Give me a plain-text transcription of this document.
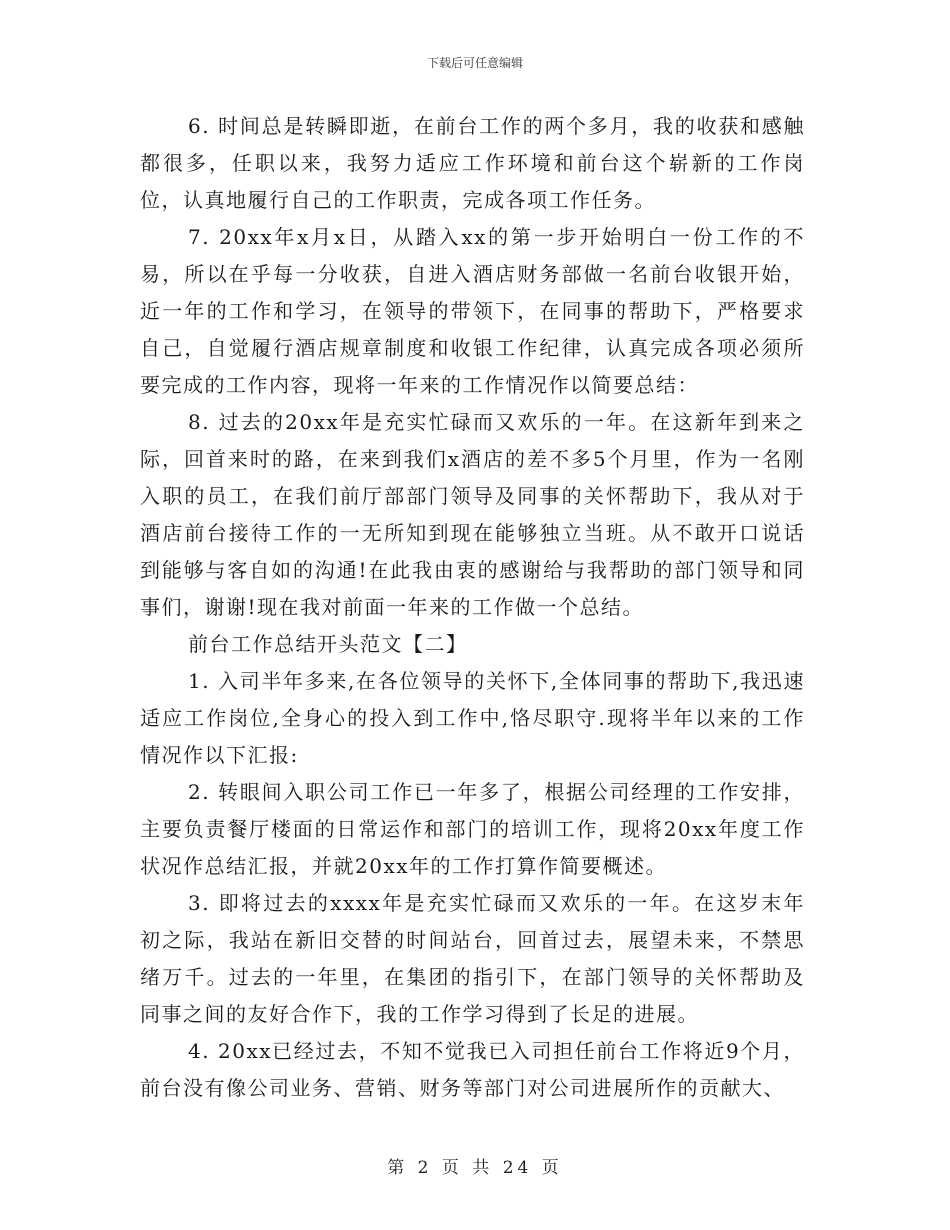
下载后可任意编辑

6. 时间总是转瞬即逝，在前台工作的两个多月，我的收获和感触都很多，任职以来，我努力适应工作环境和前台这个崭新的工作岗位，认真地履行自己的工作职责，完成各项工作任务。

7. 20xx年x月x日，从踏入xx的第一步开始明白一份工作的不易，所以在乎每一分收获，自进入酒店财务部做一名前台收银开始，近一年的工作和学习，在领导的带领下，在同事的帮助下，严格要求自己，自觉履行酒店规章制度和收银工作纪律，认真完成各项必须所要完成的工作内容，现将一年来的工作情况作以简要总结：

8. 过去的20xx年是充实忙碌而又欢乐的一年。在这新年到来之际，回首来时的路，在来到我们x酒店的差不多5个月里，作为一名刚入职的员工，在我们前厅部部门领导及同事的关怀帮助下，我从对于酒店前台接待工作的一无所知到现在能够独立当班。从不敢开口说话到能够与客自如的沟通!在此我由衷的感谢给与我帮助的部门领导和同事们，谢谢!现在我对前面一年来的工作做一个总结。

前台工作总结开头范文【二】

1. 入司半年多来,在各位领导的关怀下,全体同事的帮助下,我迅速适应工作岗位,全身心的投入到工作中,恪尽职守.现将半年以来的工作情况作以下汇报:

2. 转眼间入职公司工作已一年多了，根据公司经理的工作安排，主要负责餐厅楼面的日常运作和部门的培训工作，现将20xx年度工作状况作总结汇报，并就20xx年的工作打算作简要概述。

3. 即将过去的xxxx年是充实忙碌而又欢乐的一年。在这岁末年初之际，我站在新旧交替的时间站台，回首过去，展望未来，不禁思绪万千。过去的一年里，在集团的指引下，在部门领导的关怀帮助及同事之间的友好合作下，我的工作学习得到了长足的进展。

4. 20xx已经过去，不知不觉我已入司担任前台工作将近9个月，前台没有像公司业务、营销、财务等部门对公司进展所作的贡献大、

第 2 页 共 24 页
